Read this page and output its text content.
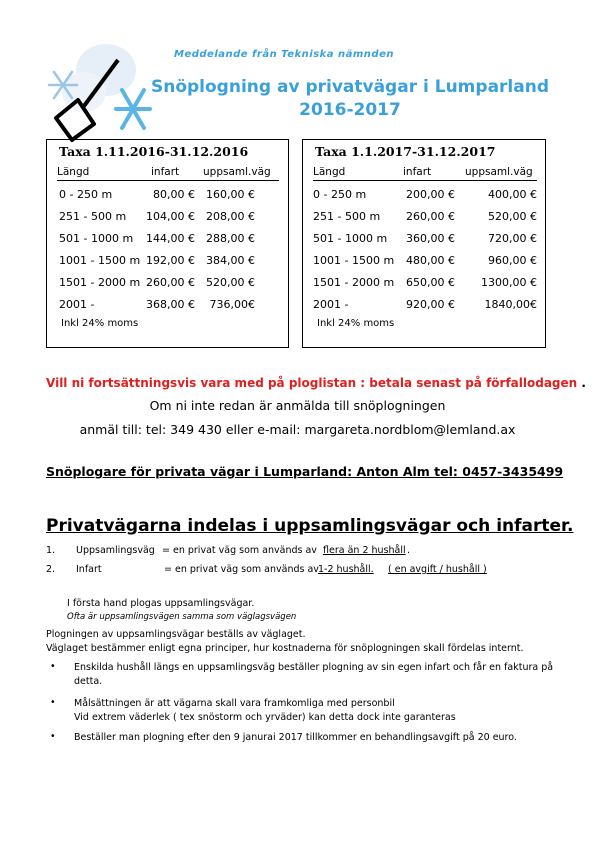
Meddelande från Tekniska nämnden
Snöplogning av privatvägar i Lumparland
2016-2017
Taxa 1.11.2016-31.12.2016
Längd	infart uppsaml.väg
0 - 250 m	80,00 €	160,00 €
251 - 500 m	104,00 €	208,00 €
501 - 1000 m	144,00 €	288,00 €
1001 - 1500 m 192,00 €	384,00 €
1501 - 2000 m 260,00 €	520,00 €
2001 -	368,00 €	736,00€
Inkl 24% moms
Taxa 1.1.2017-31.12.2017
Längd	infart	uppsaml.väg
0 - 250 m	200,00 €	400,00 €
251 - 500 m	260,00 €	520,00 €
501 - 1000 m	360,00 €	720,00 €
1001 - 1500 m	480,00 €	960,00 €
1501 - 2000 m	650,00 €	1300,00 €
2001 -	920,00 €	1840,00€
Inkl 24% moms
Vill ni fortsättningsvis vara med på ploglistan : betala senast på förfallodagen .
Om ni inte redan är anmälda till snöplogningen
anmäl till: tel: 349 430 eller e-mail: margareta.nordblom@lemland.ax
Snöplogare för privata vägar i Lumparland: Anton Alm tel: 0457-3435499
Privatvägarna indelas i uppsamlingsvägar och infarter.
1. Uppsamlingsväg = en privat väg som används av flera än 2 hushåll .
2. Infart	= en privat väg som används av 1-2 hushåll. ( en avgift / hushåll )
I första hand plogas uppsamlingsvägar.
Ofta är uppsamlingsvägen samma som väglagsvägen
Plogningen av uppsamlingsvägar beställs av väglaget.
Väglaget bestämmer enligt egna principer, hur kostnaderna för snöplogningen skall fördelas internt.
• Enskilda hushåll längs en uppsamlingsväg beställer plogning av sin egen infart och får en faktura på detta.
• Målsättningen är att vägarna skall vara framkomliga med personbil
Vid extrem väderlek ( tex snöstorm och yrväder) kan detta dock inte garanteras
• Beställer man plogning efter den 9 janurai 2017 tillkommer en behandlingsavgift på 20 euro.
